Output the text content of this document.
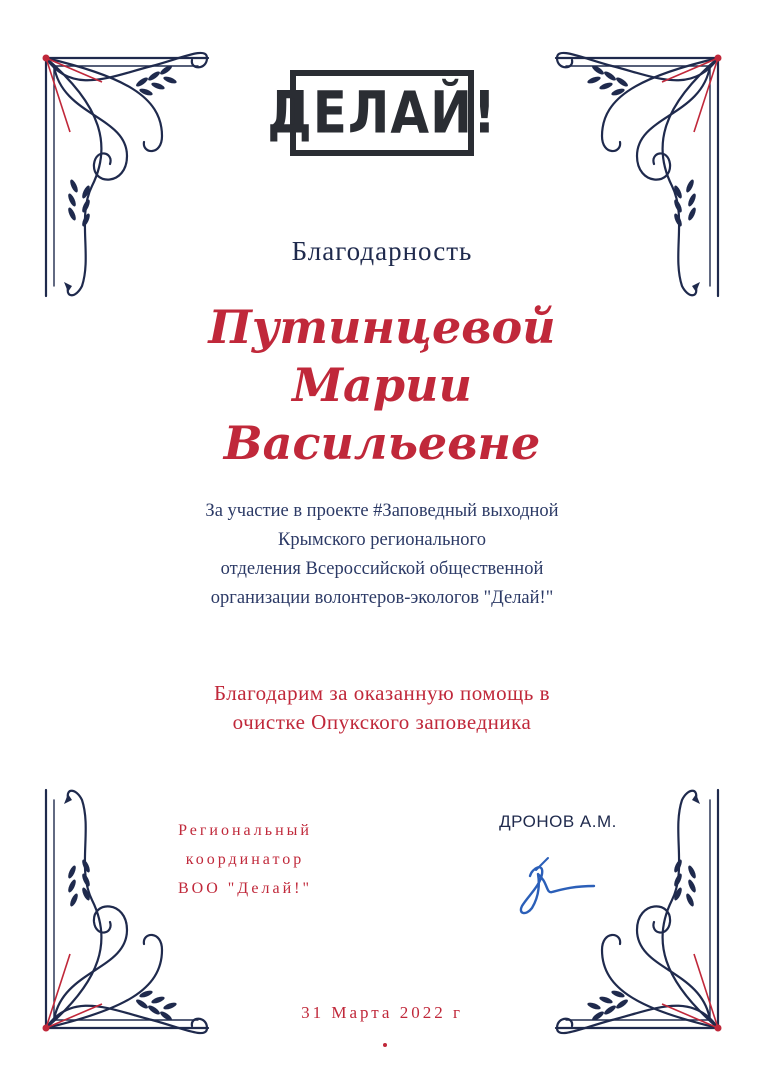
ДЕЛАЙ!
Благодарность
Путинцевой
Марии
Васильевне
За участие в проекте #Заповедный выходной
Крымского регионального
отделения Всероссийской общественной
организации волонтеров-экологов "Делай!"
Благодарим за оказанную помощь в
очистке Опукского заповедника
Региональный
координатор
ВОО "Делай!"
ДРОНОВ А.М.
31 Марта 2022 г
